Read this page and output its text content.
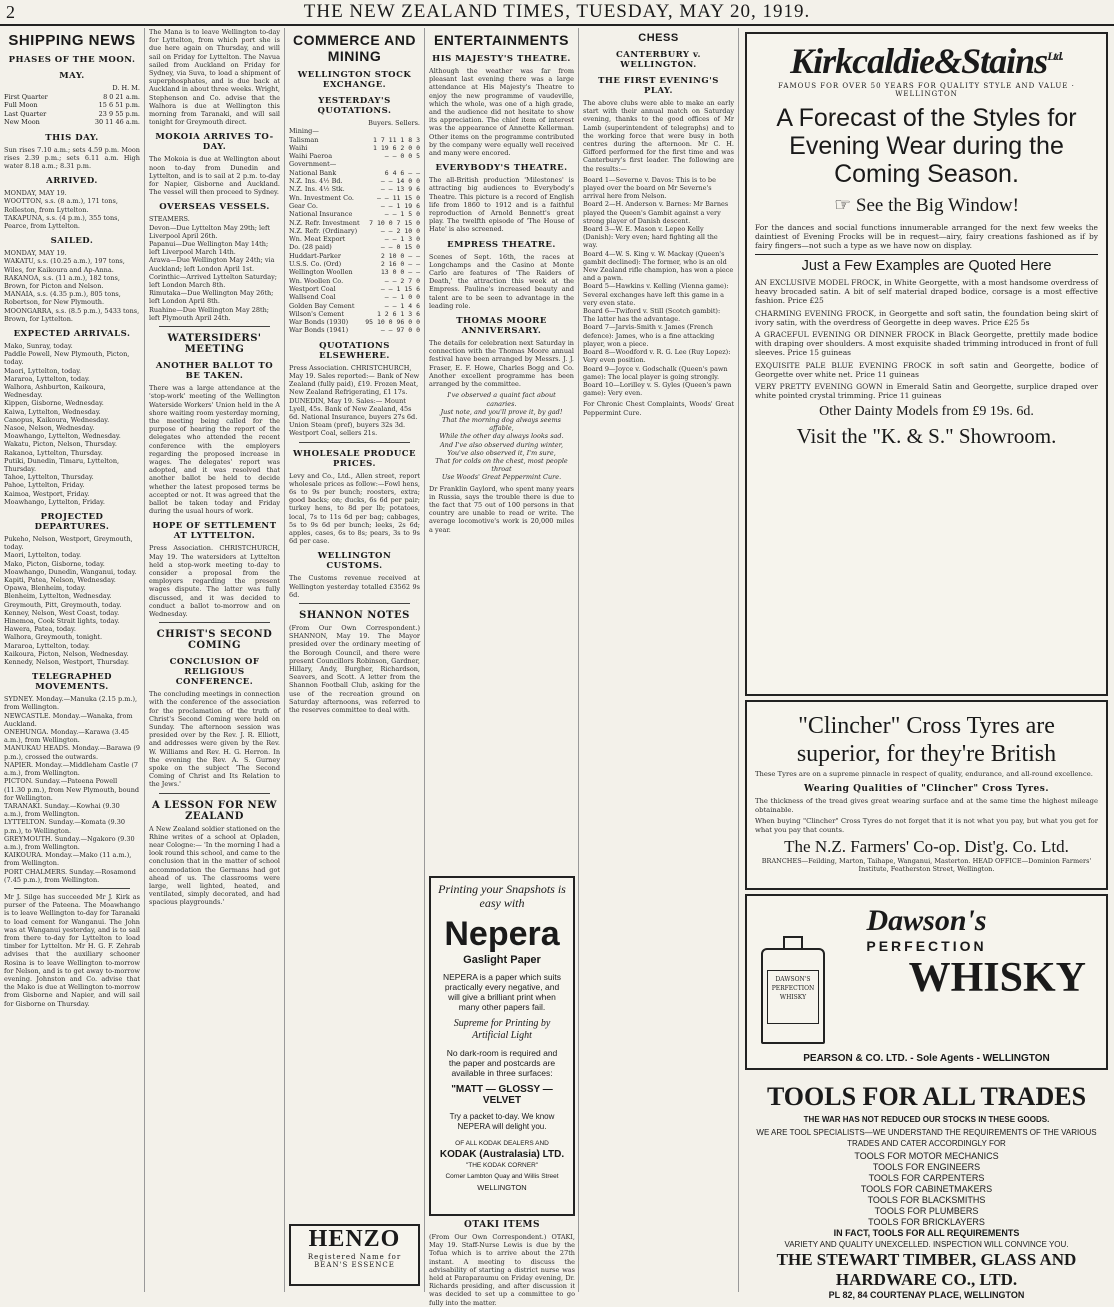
2	THE NEW ZEALAND TIMES, TUESDAY, MAY 20, 1919.
SHIPPING NEWS
PHASES OF THE MOON.
MAY.
D. H. M.
First Quarter	8 0 21 a.m.
Full Moon	15 6 51 p.m.
Last Quarter	23 9 55 p.m.
New Moon	30 11 46 a.m.
THIS DAY.

Sun rises 7.10 a.m.; sets 4.59 p.m. Moon rises 2.39 p.m.; sets 6.11 a.m. High water 8.18 a.m.; 8.31 p.m.

ARRIVED.

MONDAY, MAY 19.
WOOTTON, s.s. (8 a.m.), 171 tons, Rolleston, from Lyttelton.
TAKAPUNA, s.s. (4 p.m.), 355 tons, Pearce, from Lyttelton.

SAILED.

MONDAY, MAY 19.
WAKATU, s.s. (10.25 a.m.), 197 tons, Wiles, for Kaikoura and Ap-Anna.
RAKANOA, s.s. (11 a.m.), 182 tons, Brown, for Picton and Nelson.
MANAIA, s.s. (4.35 p.m.), 805 tons, Robertson, for New Plymouth.
MOONGARRA, s.s. (8.5 p.m.), 5433 tons, Brown, for Lyttelton.

EXPECTED ARRIVALS.

Mako, Sunray, today.
Paddle Powell, New Plymouth, Picton, today.
Maori, Lyttelton, today.
Mararoa, Lyttelton, today.
Walhora, Ashburton, Kaikoura, Wednesday.
Kippen, Gisborne, Wednesday.
Kaiwa, Lyttelton, Wednesday.
Canopus, Kaikoura, Wednesday.
Nasoe, Nelson, Wednesday.
Moawhango, Lyttelton, Wednesday.
Wakatu, Picton, Nelson, Thursday.
Rakanoa, Lyttelton, Thursday.
Putiki, Dunedin, Timaru, Lyttelton, Thursday.
Tahoe, Lyttelton, Thursday.
Pahoe, Lyttelton, Friday.
Kaimoa, Westport, Friday.
Moawhango, Lyttelton, Friday.

PROJECTED DEPARTURES.

Pukeho, Nelson, Westport, Greymouth, today.
Maori, Lyttelton, today.
Mako, Picton, Gisborne, today.
Moawhango, Dunedin, Wanganui, today.
Kapiti, Patea, Nelson, Wednesday.
Opawa, Blenheim, today.
Blenheim, Lyttelton, Wednesday.
Greymouth, Pitt, Greymouth, today.
Kenney, Nelson, West Coast, today.
Hinemoa, Cook Strait lights, today.
Hawera, Patea, today.
Walhora, Greymouth, tonight.
Mararoa, Lyttelton, today.
Kaikoura, Picton, Nelson, Wednesday.
Kennedy, Nelson, Westport, Thursday.

TELEGRAPHED MOVEMENTS.

SYDNEY. Monday.—Manuka (2.15 p.m.), from Wellington.
NEWCASTLE. Monday.—Wanaka, from Auckland.
ONEHUNGA. Monday.—Karawa (3.45 a.m.), from Wellington.
MANUKAU HEADS. Monday.—Barawa (9 p.m.), crossed the outwards.
NAPIER. Monday.—Middleham Castle (7 a.m.), from Wellington.
PICTON. Sunday.—Pateena Powell (11.30 p.m.), from New Plymouth, bound for Wellington.
TARANAKI. Sunday.—Kowhai (9.30 a.m.), from Wellington.
LYTTELTON. Sunday.—Komata (9.30 p.m.), to Wellington.
GREYMOUTH. Sunday.—Ngakoro (9.30 a.m.), from Wellington.
KAIKOURA. Monday.—Mako (11 a.m.), from Wellington.
PORT CHALMERS. Sunday.—Rosamond (7.45 p.m.), from Wellington.

Mr J. Silge has succeeded Mr J. Kirk as purser of the Pateena. The Moawhango is to leave Wellington to-day for Taranaki to load cement for Wanganui. The John was at Wanganui yesterday, and is to sail from there to-day for Lyttelton to load timber for Lyttelton. Mr H. G. F. Zehrab advises that the auxiliary schooner Rosina is to leave Wellington to-morrow for Nelson, and is to get away to-morrow evening. Johnston and Co. advise that the Mako is due at Wellington to-morrow from Gisborne and Napier, and will sail for Gisborne on Thursday.

The Mana is to leave Wellington to-day for Lyttelton, from which port she is due here again on Thursday, and will sail on Friday for Lyttelton. The Navua sailed from Auckland on Friday for Sydney, via Suva, to load a shipment of superphosphates, and is due back at Auckland in about three weeks. Wright, Stephenson and Co. advise that the Walhora is due at Wellington this morning from Taranaki, and will sail tonight for Greymouth direct.

MOKOIA ARRIVES TO-DAY.

The Mokoia is due at Wellington about noon to-day from Dunedin and Lyttelton, and is to sail at 2 p.m. to-day for Napier, Gisborne and Auckland. The vessel will then proceed to Sydney.

OVERSEAS VESSELS.

STEAMERS.
Devon—Due Lyttelton May 29th; left Liverpool April 26th.
Papanui—Due Wellington May 14th; left Liverpool March 14th.
Arawa—Due Wellington May 24th; via Auckland; left London April 1st.
Corinthic—Arrived Lyttelton Saturday; left London March 8th.
Rimutaka—Due Wellington May 26th; left London April 8th.
Ruahine—Due Wellington May 28th; left Plymouth April 24th.

WATERSIDERS' MEETING
ANOTHER BALLOT TO BE TAKEN.

There was a large attendance at the 'stop-work' meeting of the Wellington Waterside Workers' Union held in the A shore waiting room yesterday morning, the meeting being called for the purpose of hearing the report of the delegates who attended the recent conference with the employers regarding the proposed increase in wages. The delegates' report was adopted, and it was resolved that another ballot be held to decide whether the latest proposed terms be accepted or not. It was agreed that the ballot be taken today and Friday during the usual hours of work.

HOPE OF SETTLEMENT AT LYTTELTON.

Press Association. CHRISTCHURCH, May 19. The watersiders at Lyttelton held a stop-work meeting to-day to consider a proposal from the employers regarding the present wages dispute. The latter was fully discussed, and it was decided to conduct a ballot to-morrow and on Wednesday.

CHRIST'S SECOND COMING
CONCLUSION OF RELIGIOUS CONFERENCE.

The concluding meetings in connection with the conference of the association for the proclamation of the truth of Christ's Second Coming were held on Sunday. The afternoon session was presided over by the Rev. J. R. Elliott, and addresses were given by the Rev. W. Williams and Rev. H. G. Herron. In the evening the Rev. A. S. Gurney spoke on the subject 'The Second Coming of Christ and Its Relation to the Jews.'

A LESSON FOR NEW ZEALAND

A New Zealand soldier stationed on the Rhine writes of a school at Opladen, near Cologne:— 'In the morning I had a look round this school, and came to the conclusion that in the matter of school accommodation the Germans had got ahead of us. The classrooms were large, well lighted, heated, and ventilated, simply decorated, and had spacious playgrounds.'

COMMERCE AND MINING
WELLINGTON STOCK EXCHANGE.
YESTERDAY'S QUOTATIONS.
Buyers. Sellers.
Mining—
Talisman	1 7 11 1 8 3
Waihi	1 19 6 2 0 0
Waihi Paeroa	— — 0 0 5
Government—
National Bank	6 4 6 — —
N.Z. Ins. 4½ Bd.	— — 14 0 0
N.Z. Ins. 4½ Stk.	— — 13 9 6
Wn. Investment Co.	— — 11 15 0
Gear Co.	— — 1 19 6
National Insurance	— — 1 5 0
N.Z. Refr. Investment 7 10 0 7 15 0
N.Z. Refr. (Ordinary)	— — 2 10 0
Wn. Meat Export	— — 1 3 0
Do. (28 paid)	— — 0 15 0
Huddart-Parker	2 10 0 — —
U.S.S. Co. (Ord)	2 16 0 — —
Wellington Woollen	13 0 0 — —
Wn. Woollen Co.	— — 2 7 0
Westport Coal	— — 1 15 6
Wallsend Coal	— — 1 0 0
Golden Bay Cement	— — 1 4 6
Wilson's Cement	1 2 6 1 3 6
War Bonds (1930)	95 10 0 96 0 0
War Bonds (1941)	— — 97 0 0
QUOTATIONS ELSEWHERE.

Press Association. CHRISTCHURCH, May 19. Sales reported:— Bank of New Zealand (fully paid), £19. Frozen Meat, New Zealand Refrigerating, £1 17s.
DUNEDIN, May 19. Sales:— Mount Lyell, 45s. Bank of New Zealand, 45s 6d. National Insurance, buyers 27s 6d. Union Steam (pref), buyers 32s 3d. Westport Coal, sellers 21s.

WHOLESALE PRODUCE PRICES.

Levy and Co., Ltd., Allen street, report wholesale prices as follow:—Fowl hens, 6s to 9s per bunch; roosters, extra; good backs; on; ducks, 6s 6d per pair; turkey hens, to 8d per lb; potatoes, local, 7s to 11s 6d per bag; cabbages, 5s to 9s 6d per bunch; leeks, 2s 6d; apples, cases, 6s to 8s; pears, 3s to 9s 6d per case.

WELLINGTON CUSTOMS.

The Customs revenue received at Wellington yesterday totalled £3562 9s 6d.

SHANNON NOTES

(From Our Own Correspondent.) SHANNON, May 19. The Mayor presided over the ordinary meeting of the Borough Council, and there were present Councillors Robinson, Gardner, Hillary, Andy, Burgher, Richardson, Seavers, and Scott. A letter from the Shannon Football Club, asking for the use of the recreation ground on Saturday afternoons, was referred to the reserves committee to deal with.

HENZO
Registered Name for BEAN'S ESSENCE
ENTERTAINMENTS
HIS MAJESTY'S THEATRE.

Although the weather was far from pleasant last evening there was a large attendance at His Majesty's Theatre to enjoy the new programme of vaudeville, which the whole, was one of a high grade, and the audience did not hesitate to show its appreciation. The chief item of interest was the appearance of Annette Kellerman. Other items on the programme contributed by the company were equally well received and many were encored.

EVERYBODY'S THEATRE.

The all-British production 'Milestones' is attracting big audiences to Everybody's Theatre. This picture is a record of English life from 1860 to 1912 and is a faithful reproduction of Arnold Bennett's great play. The twelfth episode of 'The House of Hate' is also screened.

EMPRESS THEATRE.

Scenes of Sept. 16th, the races at Longchamps and the Casino at Monte Carlo are features of 'The Raiders of Death,' the attraction this week at the Empress. Pauline's increased beauty and talent are to be seen to advantage in the leading role.

THOMAS MOORE ANNIVERSARY.

The details for celebration next Saturday in connection with the Thomas Moore annual festival have been arranged by Messrs. J. J. Fraser, E. F. Howe, Charles Bogg and Co. Another excellent programme has been arranged by the committee.

I've observed a quaint fact about
canaries.
Just note, and you'll prove it, by gad!
That the morning dog always seems
affable,
While the other day always looks sad.
And I've also observed during winter,
You've also observed it, I'm sure,
That for colds on the chest, most people
throat
Use Woods' Great Peppermint Cure.

Dr Franklin Gaylord, who spent many years in Russia, says the trouble there is due to the fact that 75 out of 100 persons in that country are unable to read or write. The average locomotive's work is 20,000 miles a year.

Printing your Snapshots is easy with
Nepera
Gaslight Paper
NEPERA is a paper which suits practically every negative, and will give a brilliant print when many other papers fail.
Supreme for Printing by Artificial Light
No dark-room is required and the paper and postcards are available in three surfaces:
"MATT — GLOSSY — VELVET
Try a packet to-day. We know NEPERA will delight you.
OF ALL KODAK DEALERS AND
KODAK (Australasia) LTD.
"THE KODAK CORNER"
Corner Lambton Quay and Willis Street
WELLINGTON
OTAKI ITEMS

(From Our Own Correspondent.) OTAKI, May 19. Staff-Nurse Lewis is due by the Tofua which is to arrive about the 27th instant. A meeting to discuss the advisability of starting a district nurse was held at Paraparaumu on Friday evening, Dr. Richards presiding, and after discussion it was decided to set up a committee to go fully into the matter.

CHESS
CANTERBURY v. WELLINGTON.
THE FIRST EVENING'S PLAY.

The above clubs were able to make an early start with their annual match on Saturday evening, thanks to the good offices of Mr Lamb (superintendent of telegraphs) and to the working force that were busy in both centres during the afternoon. Mr C. H. Gifford performed for the first time and was Canterbury's first leader. The following are the results:—

Board 1—Severne v. Davos: This is to be played over the board on Mr Severne's arrival here from Nelson.
Board 2—H. Anderson v. Barnes: Mr Barnes played the Queen's Gambit against a very strong player of Danish descent.
Board 3—W. E. Mason v. Lepeo Kelly (Danish): Very even; hard fighting all the way.
Board 4—W. S. King v. W. Mackay (Queen's gambit declined): The former, who is an old New Zealand rifle champion, has won a piece and a pawn.
Board 5—Hawkins v. Kelling (Vienna game): Several exchanges have left this game in a very even state.
Board 6—Twiford v. Still (Scotch gambit): The latter has the advantage.
Board 7—Jarvis-Smith v. James (French defence): James, who is a fine attacking player, won a piece.
Board 8—Woodford v. R. G. Lee (Ruy Lopez): Very even position.
Board 9—Joyce v. Godschalk (Queen's pawn game): The local player is going strongly.
Board 10—Lorilley v. S. Gyles (Queen's pawn game): Very even.

For Chronic Chest Complaints, Woods' Great Peppermint Cure.

Kirkcaldie&Stains$^{Ltd.}$
FAMOUS FOR OVER 50 YEARS FOR QUALITY STYLE AND VALUE · WELLINGTON
A Forecast of the Styles for Evening Wear during the Coming Season.
☞ See the Big Window!

For the dances and social functions innumerable arranged for the next few weeks the daintiest of Evening Frocks will be in request—airy, fairy creations fashioned as if by fairy fingers—not such a type as we have now on display.

Just a Few Examples are Quoted Here

AN EXCLUSIVE MODEL FROCK, in White Georgette, with a most handsome overdress of heavy brocaded satin. A bit of self material draped bodice, corsage is a most effective fashion. Price £25

CHARMING EVENING FROCK, in Georgette and soft satin, the foundation being skirt of ivory satin, with the overdress of Georgette in deep waves. Price £25 5s

A GRACEFUL EVENING OR DINNER FROCK in Black Georgette, prettily made bodice with draping over shoulders. A most exquisite shaded trimming introduced in front of full sleeves. Price 15 guineas

EXQUISITE PALE BLUE EVENING FROCK in soft satin and Georgette, bodice of Georgette over white net. Price 11 guineas

VERY PRETTY EVENING GOWN in Emerald Satin and Georgette, surplice draped over white pointed crystal trimming. Price 11 guineas

Other Dainty Models from £9 19s. 6d.
Visit the "K. & S." Showroom.
"Clincher" Cross Tyres are superior, for they're British

These Tyres are on a supreme pinnacle in respect of quality, endurance, and all-round excellence.

Wearing Qualities of "Clincher" Cross Tyres.

The thickness of the tread gives great wearing surface and at the same time the highest mileage obtainable.

When buying "Clincher" Cross Tyres do not forget that it is not what you pay, but what you get for what you pay that counts.

The N.Z. Farmers' Co-op. Dist'g. Co. Ltd.

BRANCHES—Feilding, Marton, Taihape, Wanganui, Masterton. HEAD OFFICE—Dominion Farmers' Institute, Featherston Street, Wellington.

Dawson's
PERFECTION
DAWSON'S PERFECTION WHISKY	WHISKY
PEARSON & CO. LTD. - Sole Agents - WELLINGTON
TOOLS FOR ALL TRADES
THE WAR HAS NOT REDUCED OUR STOCKS IN THESE GOODS.
WE ARE TOOL SPECIALISTS—WE UNDERSTAND THE REQUIREMENTS OF THE VARIOUS TRADES AND CATER ACCORDINGLY FOR
TOOLS FOR MOTOR MECHANICS
TOOLS FOR ENGINEERS
TOOLS FOR CARPENTERS
TOOLS FOR CABINETMAKERS
TOOLS FOR BLACKSMITHS
TOOLS FOR PLUMBERS
TOOLS FOR BRICKLAYERS
IN FACT, TOOLS FOR ALL REQUIREMENTS
VARIETY AND QUALITY UNEXCELLED. INSPECTION WILL CONVINCE YOU.
THE STEWART TIMBER, GLASS AND HARDWARE CO., LTD.
PL 82, 84 COURTENAY PLACE, WELLINGTON
